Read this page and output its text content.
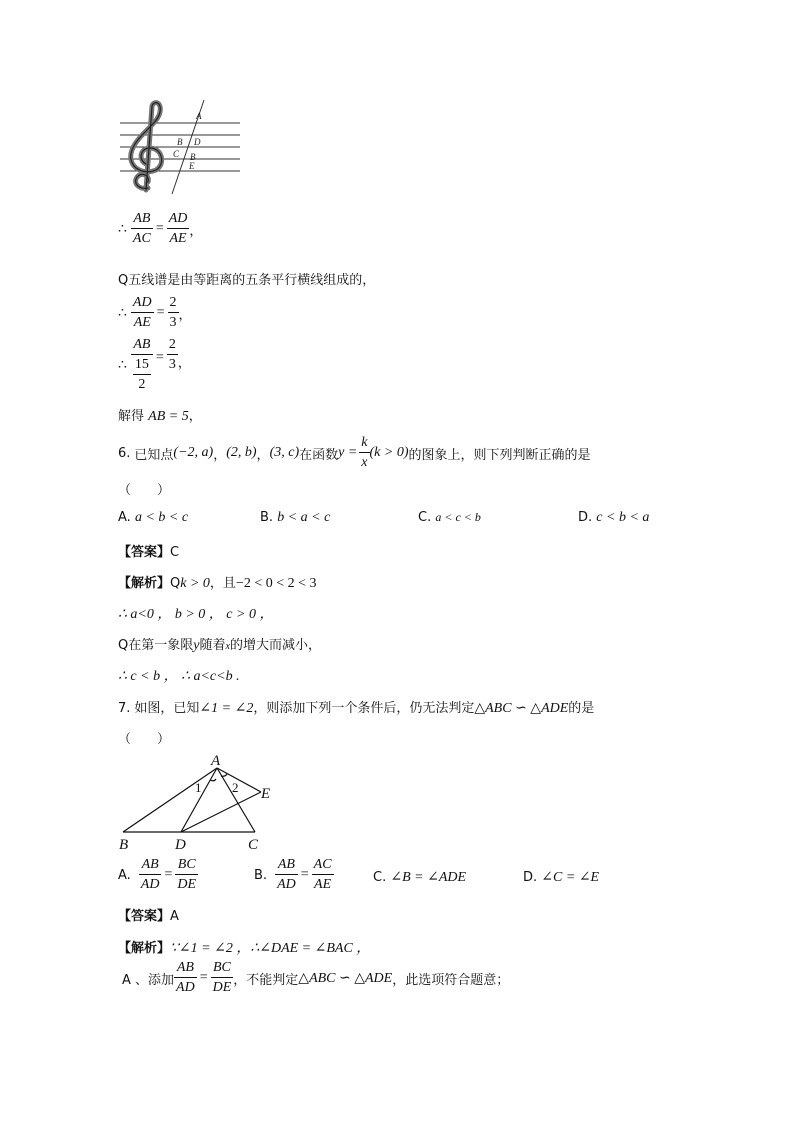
A
B D
C B
E
∴ $\frac{AB}{AC} = \frac{AD}{AE}$ ，
Q五线谱是由等距离的五条平行横线组成的，
∴ $\frac{AD}{AE} = \frac{2}{3}$ ，
∴ $\frac{AB}{\frac{15}{2}} = \frac{2}{3}$ ，
解得 AB = 5，
6. 已知点 (−2, a) ， (2, b) ， (3, c) 在函数 $y = \frac{k}{x} (k > 0)$ 的图象上，则下列判断正确的是
（　　）
A. a < b < c	B. b < a < c	C. a < c < b	D. c < b < a
【答案】C
【解析】Qk > 0，且−2 < 0 < 2 < 3
∴ a<0 ， b > 0 ， c > 0 ，
Q在第一象限y随着x的增大而减小，
∴ c < b ， ∴ a<c<b .
7. 如图，已知∠1 = ∠2，则添加下列一个条件后，仍无法判定△ABC ∽ △ADE的是
（　　）
A
B	D	C
E
1 2
A. $\frac{AB}{AD} = \frac{BC}{DE}$	B. $\frac{AB}{AD} = \frac{AC}{AE}$	C. ∠B = ∠ADE	D. ∠C = ∠E
【答案】A
【解析】∵∠1 = ∠2 ，∴∠DAE = ∠BAC ，
A 、添加 $\frac{AB}{AD} = \frac{BC}{DE}$ ，不能判定 △ABC ∽ △ADE ，此选项符合题意；
